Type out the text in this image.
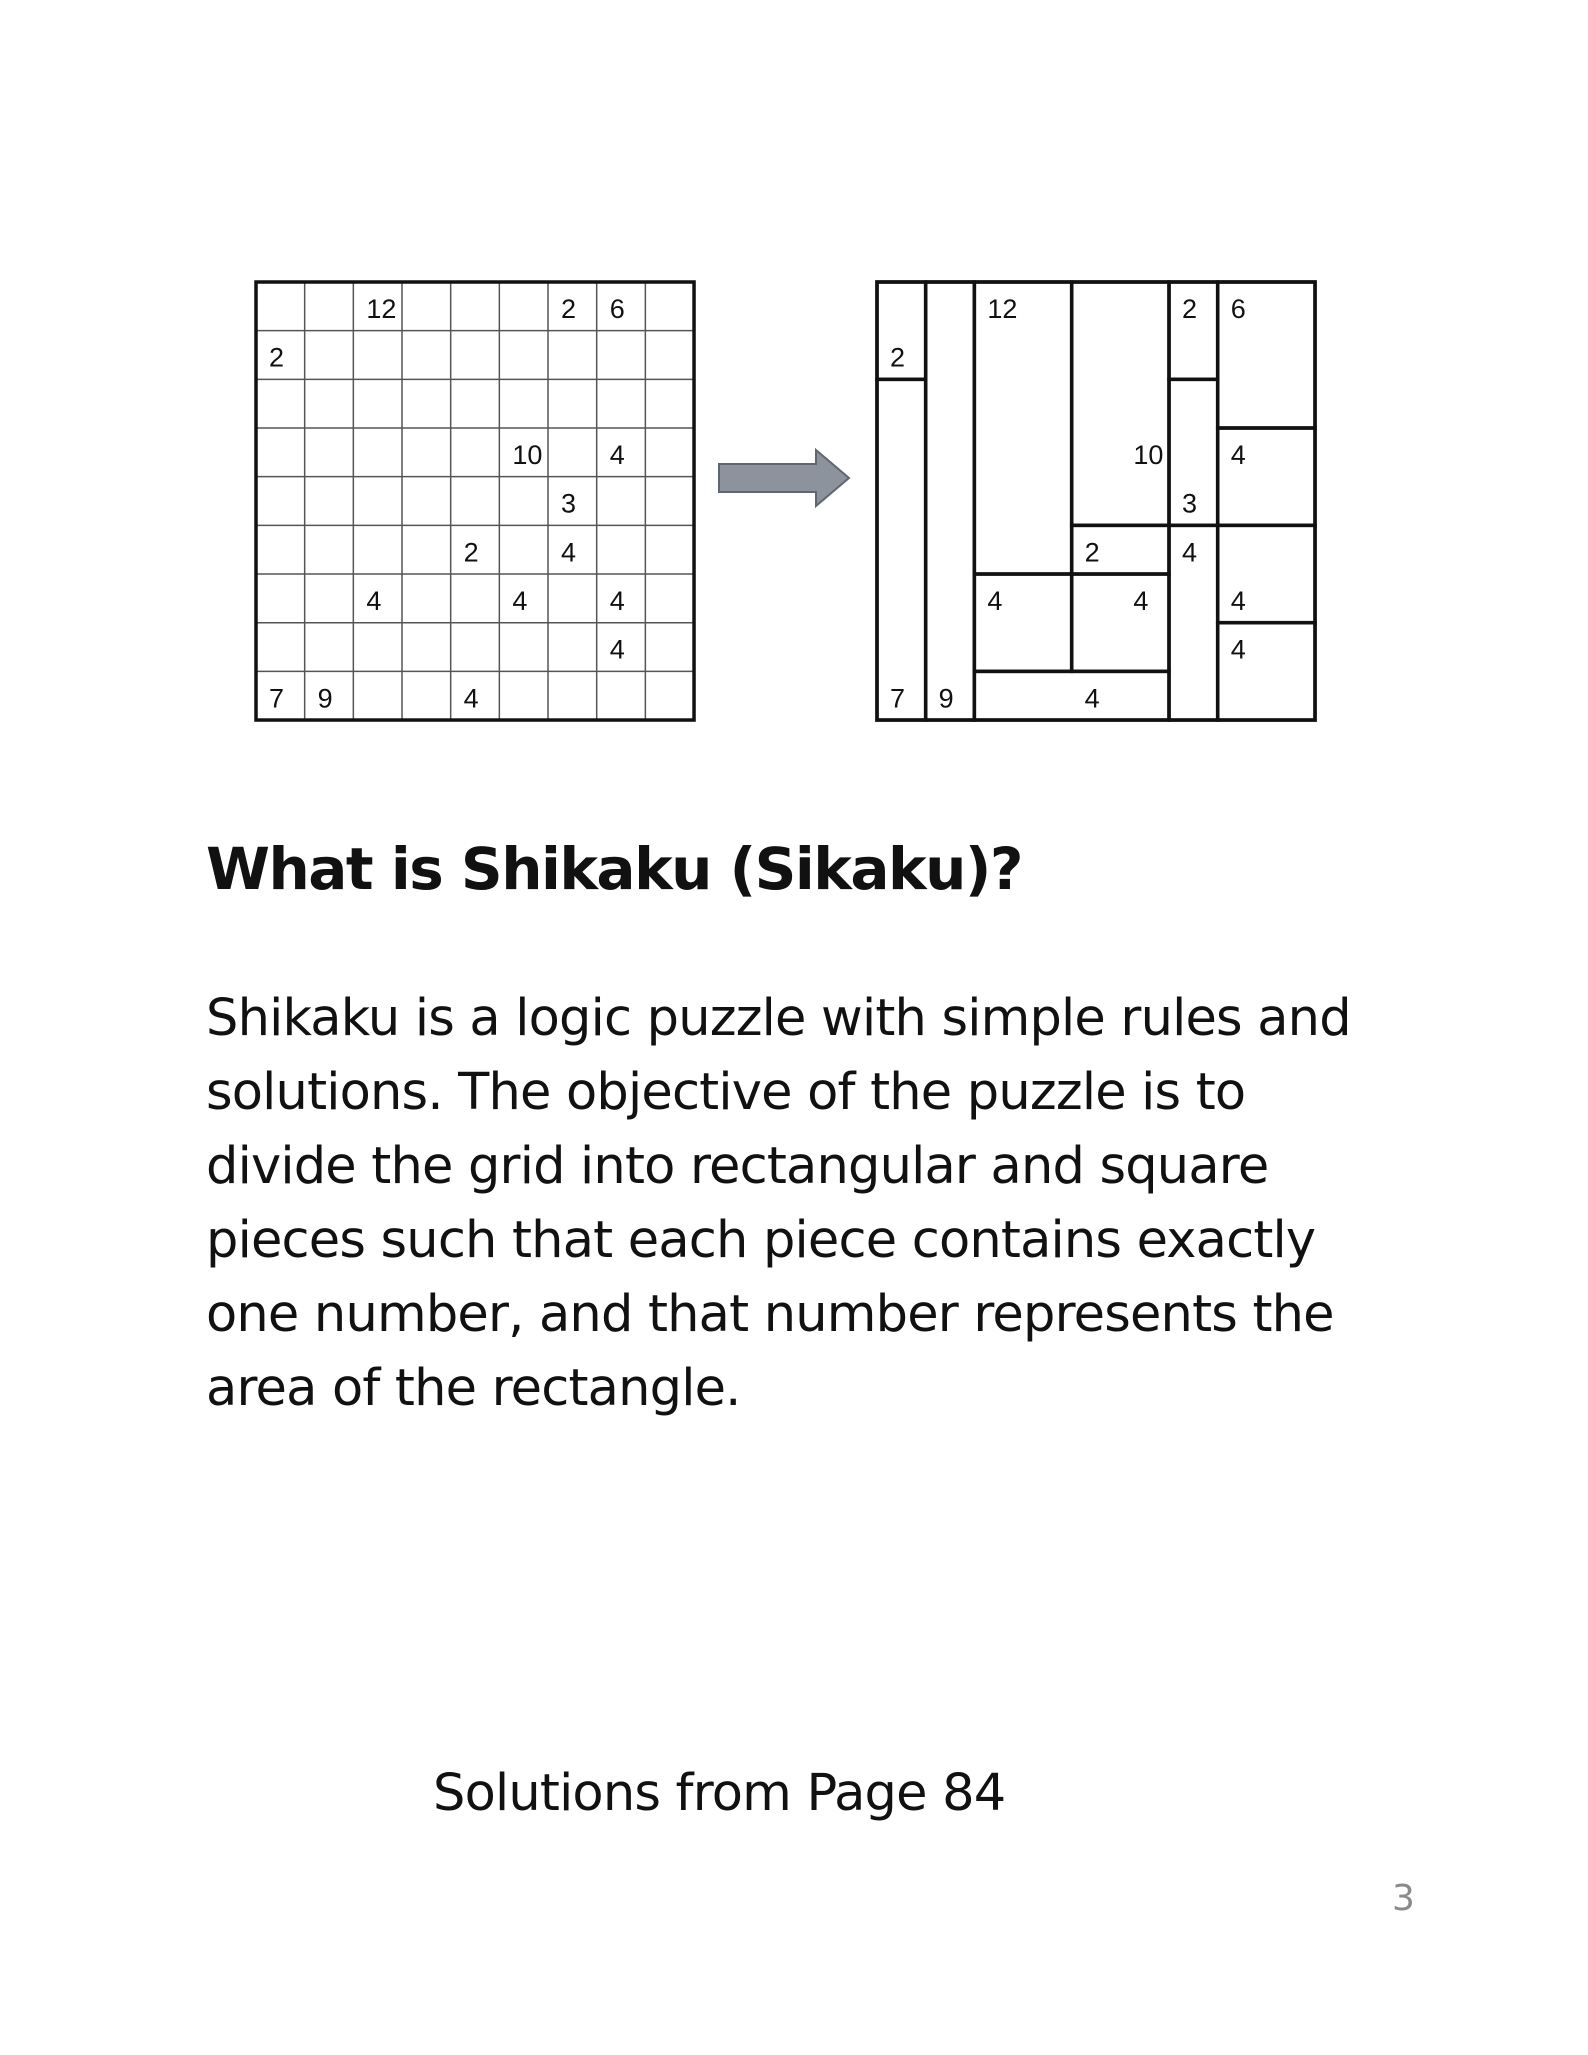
12	2 6
2
10 4
3
2	4
4	4	4
4
7 9	4
12	2 6
2
10 4
3
2	4
4	4	4
4
7 9	4
What is Shikaku (Sikaku)?
Shikaku is a logic puzzle with simple rules and
solutions. The objective of the puzzle is to
divide the grid into rectangular and square
pieces such that each piece contains exactly
one number, and that number represents the
area of the rectangle.
Solutions from Page 84
3
